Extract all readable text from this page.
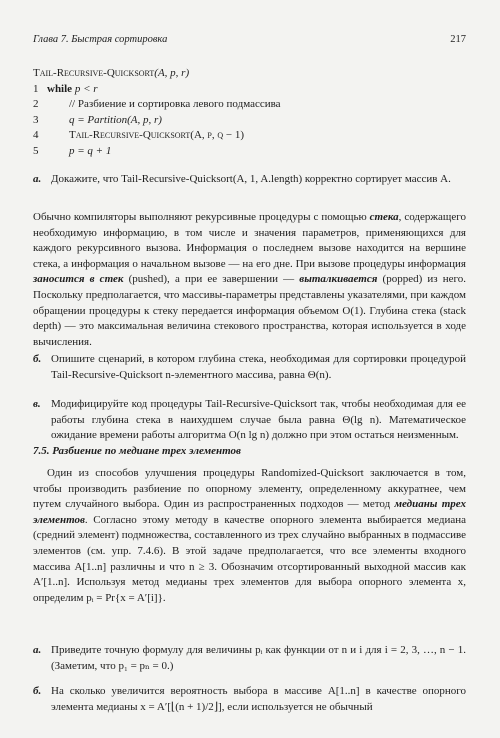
Глава 7. Быстрая сортировка	217
Tail-Recursive-Quicksort(A, p, r)
1 while p < r
2	// Разбиение и сортировка левого подмассива
3	q = Partition(A, p, r)
4	Tail-Recursive-Quicksort(A, p, q − 1)
5	p = q + 1
а. Докажите, что Tail-Recursive-Quicksort(A, 1, A.length) корректно сортирует массив A.
Обычно компиляторы выполняют рекурсивные процедуры с помощью стека, содержащего необходимую информацию, в том числе и значения параметров, применяющихся для каждого рекурсивного вызова. Информация о последнем вызове находится на вершине стека, а информация о начальном вызове — на его дне. При вызове процедуры информация заносится в стек (pushed), а при ее завершении — выталкивается (popped) из него. Поскольку предполагается, что массивы-параметры представлены указателями, при каждом обращении процедуры к стеку передается информация объемом O(1). Глубина стека (stack depth) — это максимальная величина стекового пространства, которая используется в ходе вычисления.
б. Опишите сценарий, в котором глубина стека, необходимая для сортировки процедурой Tail-Recursive-Quicksort n-элементного массива, равна Θ(n).
в. Модифицируйте код процедуры Tail-Recursive-Quicksort так, чтобы необходимая для ее работы глубина стека в наихудшем случае была равна Θ(lg n). Математическое ожидание времени работы алгоритма O(n lg n) должно при этом остаться неизменным.
7.5. Разбиение по медиане трех элементов
Один из способов улучшения процедуры Randomized-Quicksort заключается в том, чтобы производить разбиение по опорному элементу, определенному аккуратнее, чем путем случайного выбора. Один из распространенных подходов — метод медианы трех элементов. Согласно этому методу в качестве опорного элемента выбирается медиана (средний элемент) подмножества, составленного из трех случайно выбранных в подмассиве элементов (см. упр. 7.4.6). В этой задаче предполагается, что все элементы входного массива A[1..n] различны и что n ≥ 3. Обозначим отсортированный выходной массив как A′[1..n]. Используя метод медианы трех элементов для выбора опорного элемента x, определим pᵢ = Pr{x = A′[i]}.
а. Приведите точную формулу для величины pᵢ как функции от n и i для i = 2, 3, …, n − 1. (Заметим, что p₁ = pₙ = 0.)
б. На сколько увеличится вероятность выбора в массиве A[1..n] в качестве опорного элемента медианы x = A′[⌊(n + 1)/2⌋], если используется не обычный
